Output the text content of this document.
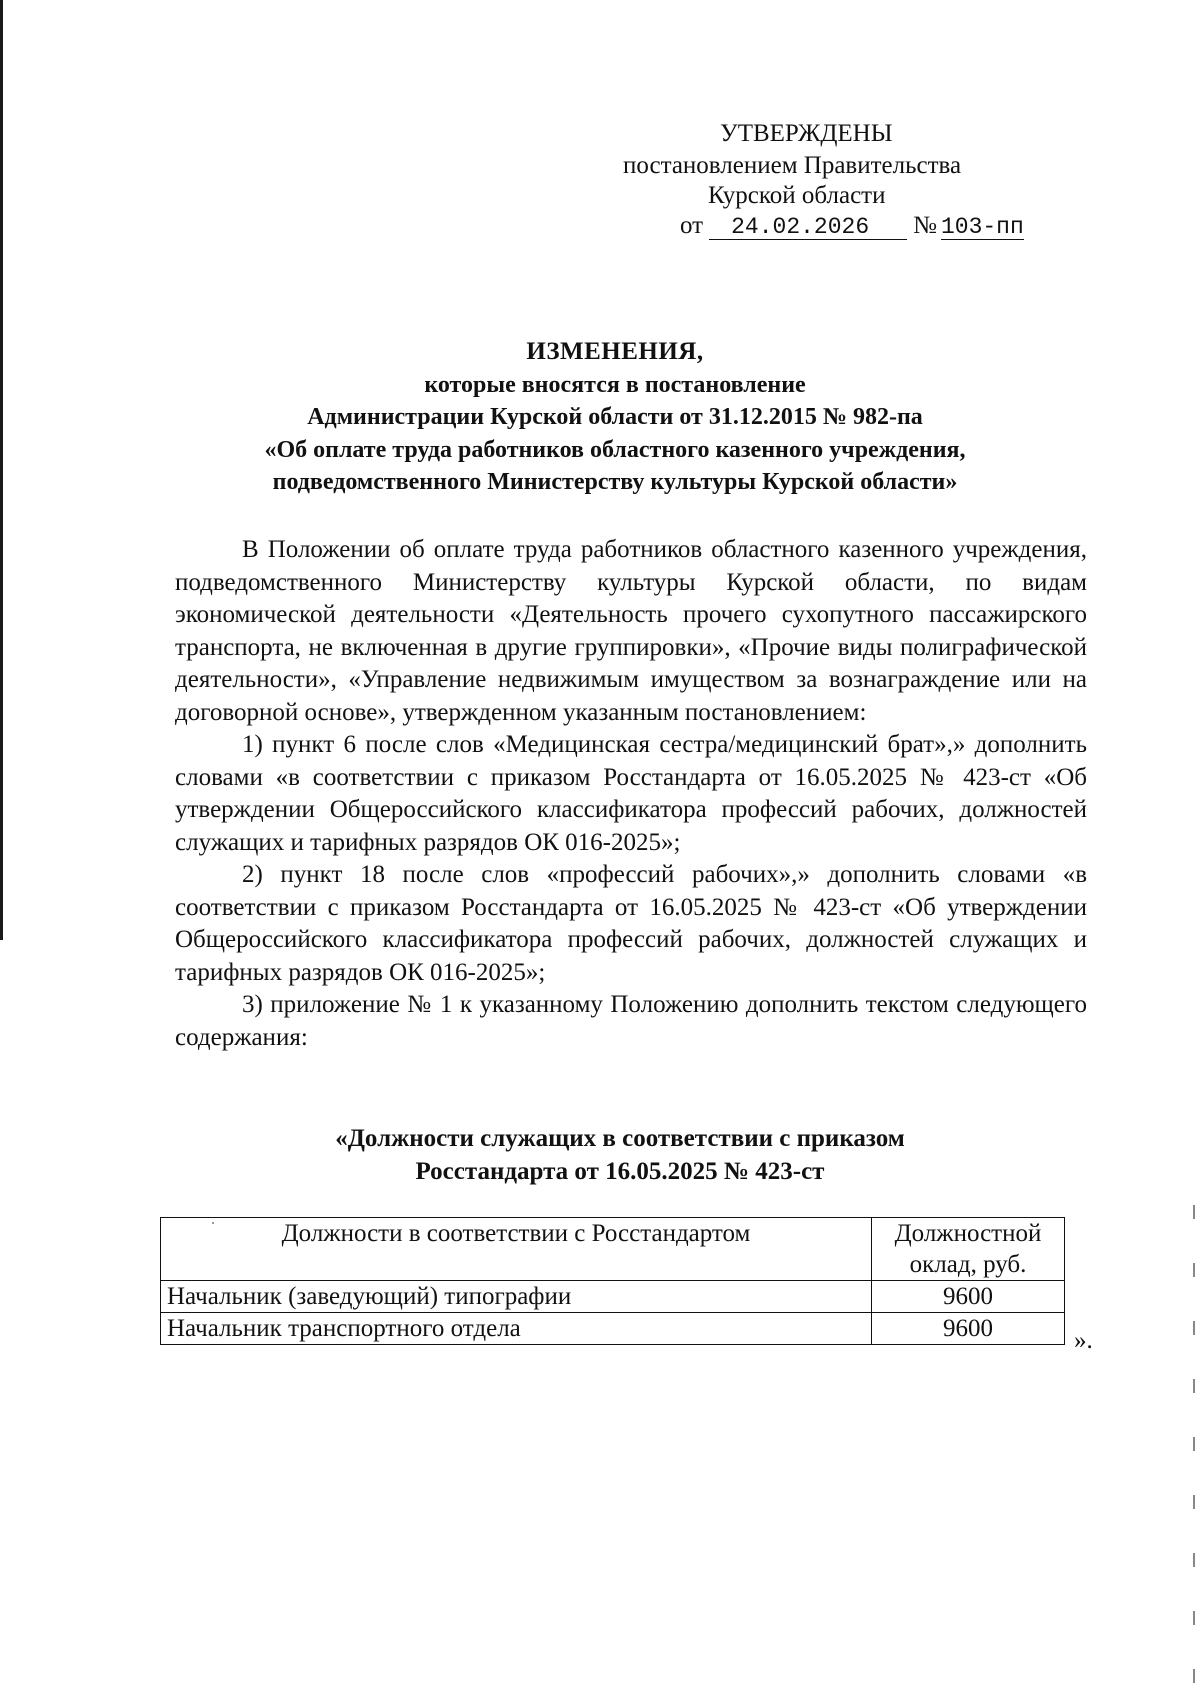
УТВЕРЖДЕНЫ
постановлением Правительства
Курской области
от 24.02.2026 № 103-пп
ИЗМЕНЕНИЯ,
которые вносятся в постановление
Администрации Курской области от 31.12.2015 № 982-па
«Об оплате труда работников областного казенного учреждения,
подведомственного Министерству культуры Курской области»

В Положении об оплате труда работников областного казенного учреждения, подведомственного Министерству культуры Курской области, по видам экономической деятельности «Деятельность прочего сухопутного пассажирского транспорта, не включенная в другие группировки», «Прочие виды полиграфической деятельности», «Управление недвижимым имуществом за вознаграждение или на договорной основе», утвержденном указанным постановлением:

1) пункт 6 после слов «Медицинская сестра/медицинский брат»,» дополнить словами «в соответствии с приказом Росстандарта от 16.05.2025 № 423-ст «Об утверждении Общероссийского классификатора профессий рабочих, должностей служащих и тарифных разрядов ОК 016-2025»;

2) пункт 18 после слов «профессий рабочих»,» дополнить словами «в соответствии с приказом Росстандарта от 16.05.2025 № 423-ст «Об утверждении Общероссийского классификатора профессий рабочих, должностей служащих и тарифных разрядов ОК 016-2025»;

3) приложение № 1 к указанному Положению дополнить текстом следующего содержания:

«Должности служащих в соответствии с приказом
Росстандарта от 16.05.2025 № 423-ст
Должности в соответствии с Росстандартом	Должностной оклад, руб.
Начальник (заведующий) типографии	9600
Начальник транспортного отдела	9600	».
